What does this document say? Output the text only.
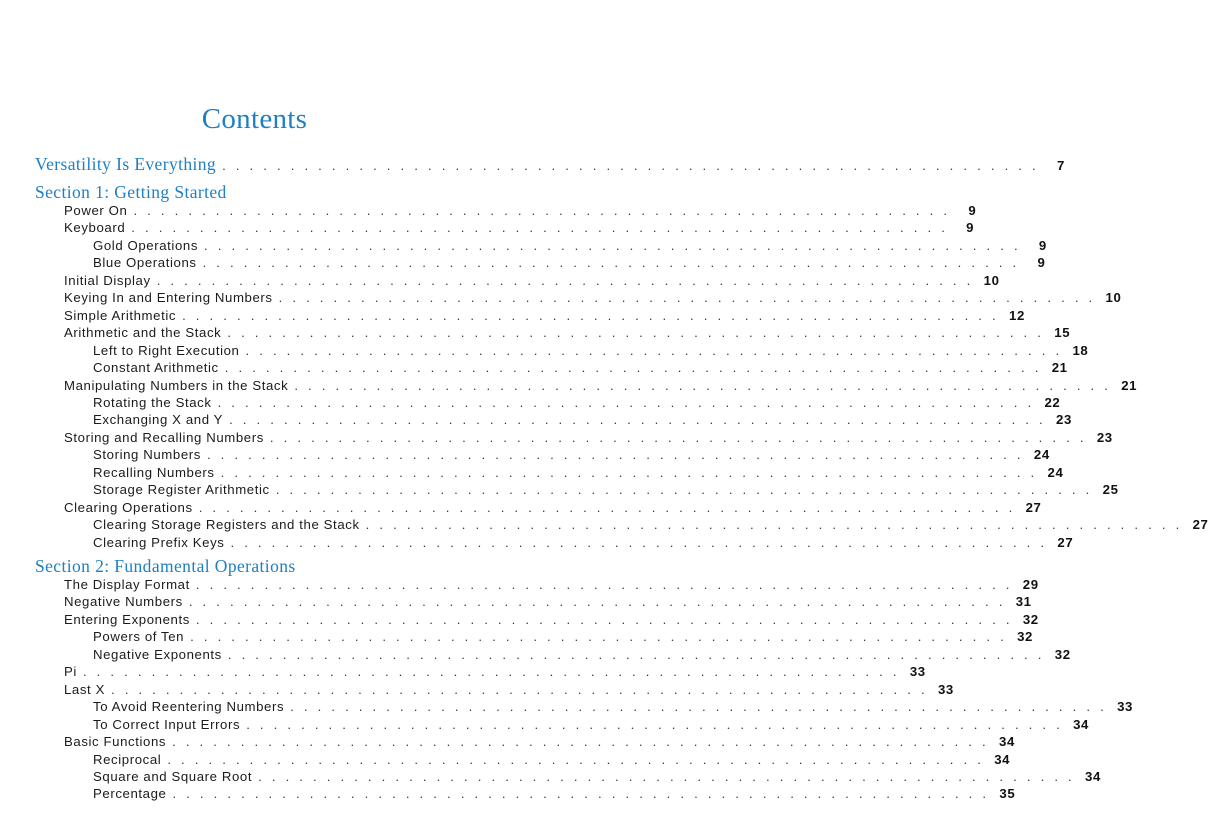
Contents
Versatility Is Everything . . . . . . . . . . . . . . . . . . . . . . . . . . . . . . . . . . . . . . . . . . . . . . . . . . . . . . . . . . . .	7
Section 1: Getting Started
Power On . . . . . . . . . . . . . . . . . . . . . . . . . . . . . . . . . . . . . . . . . . . . . . . . . . . . . . . . . . . .	9
Keyboard . . . . . . . . . . . . . . . . . . . . . . . . . . . . . . . . . . . . . . . . . . . . . . . . . . . . . . . . . . . .	9
Gold Operations . . . . . . . . . . . . . . . . . . . . . . . . . . . . . . . . . . . . . . . . . . . . . . . . . . . . . . . . . . . .	9
Blue Operations . . . . . . . . . . . . . . . . . . . . . . . . . . . . . . . . . . . . . . . . . . . . . . . . . . . . . . . . . . . .	9
Initial Display . . . . . . . . . . . . . . . . . . . . . . . . . . . . . . . . . . . . . . . . . . . . . . . . . . . . . . . . . . . . 10
Keying In and Entering Numbers . . . . . . . . . . . . . . . . . . . . . . . . . . . . . . . . . . . . . . . . . . . . . . . . . . . . . . . . . . . . 10
Simple Arithmetic . . . . . . . . . . . . . . . . . . . . . . . . . . . . . . . . . . . . . . . . . . . . . . . . . . . . . . . . . . . . 12
Arithmetic and the Stack . . . . . . . . . . . . . . . . . . . . . . . . . . . . . . . . . . . . . . . . . . . . . . . . . . . . . . . . . . . . 15
Left to Right Execution . . . . . . . . . . . . . . . . . . . . . . . . . . . . . . . . . . . . . . . . . . . . . . . . . . . . . . . . . . . . 18
Constant Arithmetic . . . . . . . . . . . . . . . . . . . . . . . . . . . . . . . . . . . . . . . . . . . . . . . . . . . . . . . . . . . . 21
Manipulating Numbers in the Stack . . . . . . . . . . . . . . . . . . . . . . . . . . . . . . . . . . . . . . . . . . . . . . . . . . . . . . . . . . . . 21
Rotating the Stack . . . . . . . . . . . . . . . . . . . . . . . . . . . . . . . . . . . . . . . . . . . . . . . . . . . . . . . . . . . . 22
Exchanging X and Y . . . . . . . . . . . . . . . . . . . . . . . . . . . . . . . . . . . . . . . . . . . . . . . . . . . . . . . . . . . . 23
Storing and Recalling Numbers . . . . . . . . . . . . . . . . . . . . . . . . . . . . . . . . . . . . . . . . . . . . . . . . . . . . . . . . . . . . 23
Storing Numbers . . . . . . . . . . . . . . . . . . . . . . . . . . . . . . . . . . . . . . . . . . . . . . . . . . . . . . . . . . . . 24
Recalling Numbers . . . . . . . . . . . . . . . . . . . . . . . . . . . . . . . . . . . . . . . . . . . . . . . . . . . . . . . . . . . . 24
Storage Register Arithmetic . . . . . . . . . . . . . . . . . . . . . . . . . . . . . . . . . . . . . . . . . . . . . . . . . . . . . . . . . . . . 25
Clearing Operations . . . . . . . . . . . . . . . . . . . . . . . . . . . . . . . . . . . . . . . . . . . . . . . . . . . . . . . . . . . . 27
Clearing Storage Registers and the Stack . . . . . . . . . . . . . . . . . . . . . . . . . . . . . . . . . . . . . . . . . . . . . . . . . . . . . . . . . . . . 27
Clearing Prefix Keys . . . . . . . . . . . . . . . . . . . . . . . . . . . . . . . . . . . . . . . . . . . . . . . . . . . . . . . . . . . . 27
Section 2: Fundamental Operations
The Display Format . . . . . . . . . . . . . . . . . . . . . . . . . . . . . . . . . . . . . . . . . . . . . . . . . . . . . . . . . . . . 29
Negative Numbers . . . . . . . . . . . . . . . . . . . . . . . . . . . . . . . . . . . . . . . . . . . . . . . . . . . . . . . . . . . . 31
Entering Exponents . . . . . . . . . . . . . . . . . . . . . . . . . . . . . . . . . . . . . . . . . . . . . . . . . . . . . . . . . . . . 32
Powers of Ten . . . . . . . . . . . . . . . . . . . . . . . . . . . . . . . . . . . . . . . . . . . . . . . . . . . . . . . . . . . . 32
Negative Exponents . . . . . . . . . . . . . . . . . . . . . . . . . . . . . . . . . . . . . . . . . . . . . . . . . . . . . . . . . . . . 32
Pi . . . . . . . . . . . . . . . . . . . . . . . . . . . . . . . . . . . . . . . . . . . . . . . . . . . . . . . . . . . . 33
Last X . . . . . . . . . . . . . . . . . . . . . . . . . . . . . . . . . . . . . . . . . . . . . . . . . . . . . . . . . . . . 33
To Avoid Reentering Numbers . . . . . . . . . . . . . . . . . . . . . . . . . . . . . . . . . . . . . . . . . . . . . . . . . . . . . . . . . . . . 33
To Correct Input Errors . . . . . . . . . . . . . . . . . . . . . . . . . . . . . . . . . . . . . . . . . . . . . . . . . . . . . . . . . . . . 34
Basic Functions . . . . . . . . . . . . . . . . . . . . . . . . . . . . . . . . . . . . . . . . . . . . . . . . . . . . . . . . . . . . 34
Reciprocal . . . . . . . . . . . . . . . . . . . . . . . . . . . . . . . . . . . . . . . . . . . . . . . . . . . . . . . . . . . . 34
Square and Square Root . . . . . . . . . . . . . . . . . . . . . . . . . . . . . . . . . . . . . . . . . . . . . . . . . . . . . . . . . . . . 34
Percentage . . . . . . . . . . . . . . . . . . . . . . . . . . . . . . . . . . . . . . . . . . . . . . . . . . . . . . . . . . . . 35
